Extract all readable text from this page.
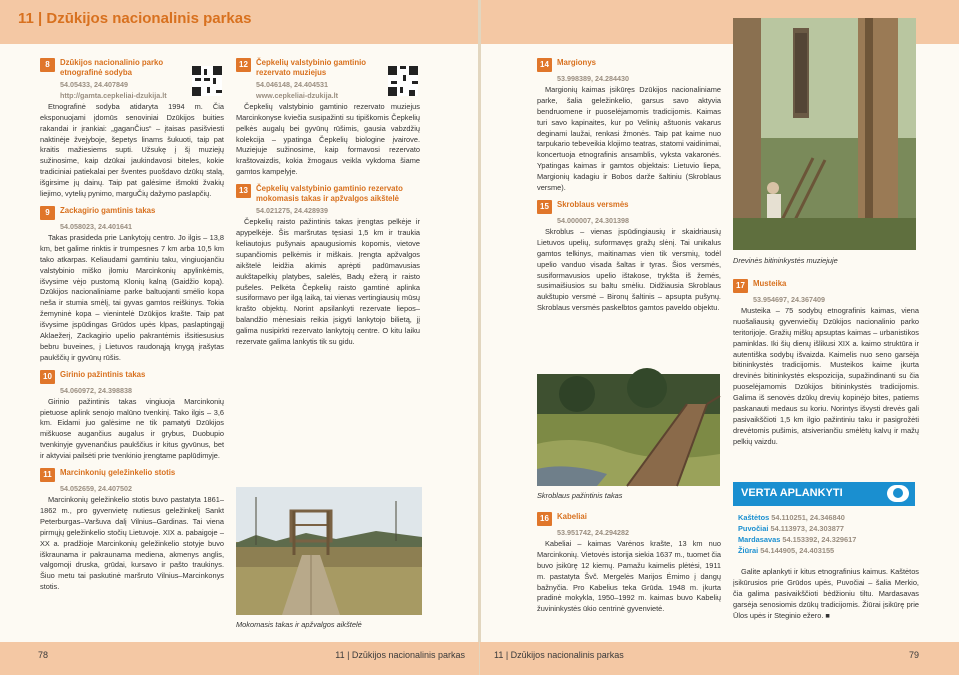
11 | Dzūkijos nacionalinis parkas
8	Dzūkijos nacionalinio parko etnografinė sodyba
54.05433, 24.407849
http://gamta.cepkeliai-dzukija.lt
Etnografinė sodyba atidaryta 1994 m. Čia eksponuojami įdomūs senoviniai Dzūkijos buities rakandai ir įrankiai: „gaganČius“ – įtaisas pasišviesti naktinėje žvejyboje, šepetys linams šukuoti, taip pat kraitis mažiesiems supti. Užsukę į šį muziejų sužinosime, kaip dzūkai jaukindavosi biteles, kokie tradiciniai patiekalai per šventes puošdavo dzūkų stalą, išgirsime jų dainų. Taip pat galėsime išmokti žvakių liejimo, vytelių pynimo, marguČių dažymo paslapčių.
9	Zackagirio gamtinis takas
54.058023, 24.401641
Takas prasideda prie Lankytojų centro. Jo ilgis – 13,8 km, bet galime rinktis ir trumpesnes 7 km arba 10,5 km tako atkarpas. Keliaudami gamtiniu taku, vingiuojančiu valstybinio miško įlomiu Marcinkonių apylinkėmis, išvysime vėjo pustomą Klonių kalną (Gaidžio kopą). Dzūkijos nacionaliniame parke baltuojanti smėlio kopa neša ir stumia smėlį, tai gyvas gamtos reiškinys. Tokia žemyninė kopa – vienintelė Dzūkijos krašte. Taip pat išvysime įspūdingas Grūdos upės klpas, paslaptingąjį Aklaežerį, Zackagirio upelio pakrantėmis išsitiesusius bebru buveines, į Lietuvos raudonąją knygą įrašytas paukščių ir gyvūnų rūšis.
10	Girinio pažintinis takas
54.060972, 24.398838
Girinio pažintinis takas vingiuoja Marcinkonių pietuose aplink senojo malūno tvenkinį. Tako ilgis – 3,6 km. Eidami juo galėsime ne tik pamatyti Dzūkijos miškuose augančius augalus ir grybus, Duobupio tvenkinyje gyvenančius paukščius ir kitus gyvūnus, bet ir aktyviai pailsėti prie tvenkinio įrengtame paplūdimyje.
11	Marcinkonių geležinkelio stotis
54.052659, 24.407502
Marcinkonių geležinkelio stotis buvo pastatyta 1861–1862 m., pro gyvenvietę nutiesus geležinkelį Sankt Peterburgas–Varšuva dalį Vilnius–Gardinas. Tai viena pirmųjų geležinkelio stočių Lietuvoje. XIX a. pabaigoje – XX a. pradžioje Marcinkonių geležinkelio stotyje buvo iškraunama ir pakraunama mediena, akmenys anglis, valgomoji druska, grūdai, kursavo ir pašto traukinys. Šiuo metu tai paskutinė maršruto Vilnius–Marcinkonys stotis.
12	Čepkelių valstybinio gamtinio rezervato muziejus
54.046148, 24.404531
www.cepkeliai-dzukija.lt
Čepkelių valstybinio gamtinio rezervato muziejus Marcinkonyse kviečia susipažinti su tipiškomis Čepkelių pelkės augalų bei gyvūnų rūšimis, gausia vabzdžių kolekcija – ypatinga Čepkelių biologine įvairove. Muziejuje sužinosime, kaip formavosi rezervato kraštovaizdis, kokia žmogaus veikla vykdoma šiame gamtos kampelyje.
13	Čepkelių valstybinio gamtinio rezervato mokomasis takas ir apžvalgos aikštelė
54.021275, 24.428939
Čepkelių raisto pažintinis takas įrengtas pelkėje ir apypelkėje. Šis maršrutas tęsiasi 1,5 km ir traukia keliautojus pušynais apaugusiomis kopomis, vietove supančiomis pelkėmis ir miškais. Įrengta apžvalgos aikštelė leidžia akimis aprėpti padūmavusias aukštapelkių platybes, salelės, Badų ežerą ir raisto pušeles. Pelkėta Čepkelių raisto gamtinė aplinka susiformavo per ilgą laiką, tai vienas vertingiausių mūsų krašto objektų. Norint apsilankyti rezervate liepos–balandžio mėnesiais reikia įsigyti lankytojo bilietą, jį galima nusipirkti rezervato lankytojų centre. O kitu laiku rezervate galima lankytis tik su gidu.
Mokomasis takas ir apžvalgos aikštelė
14	Margionys
53.998389, 24.284430
Margionių kaimas įsikūręs Dzūkijos nacionaliniame parke, šalia geležinkelio, garsus savo aktyvia bendruomene ir puoselėjamomis tradicijomis. Kaimas turi savo kapinaites, kur po Velinių aštuonis vakarus deginami laužai, renkasi žmonės. Taip pat kaime nuo tarpukario tebeveikia klojimo teatras, statomi vaidinimai, koncertuoja etnografinis ansamblis, vyksta vakaronės. Ypatingas kaimas ir gamtos objektais: Lietuvio liepa, Margionių kadagiu ir Bobos darže šaltiniu (Skroblaus versme).
15	Skroblaus versmės
54.000007, 24.301398
Skroblus – vienas įspūdingiausių ir skaidriausių Lietuvos upelių, suformavęs gražų slėnį. Tai unikalus gamtos telkinys, maitinamas vien tik versmių, todėl upelio vanduo visada šaltas ir tyras. Šios versmės, susiformavusios upelio ištakose, trykšta iš žemės, susimaišiusios su baltu smėliu. Didžiausia Skroblaus aukštupio versmė – Bironų šaltinis – apsupta pušynų. Skroblaus versmės paskelbtos gamtos paveldo objektu.
Skroblaus pažintinis takas
16	Kabeliai
53.951742, 24.294282
Kabeliai – kaimas Varėnos krašte, 13 km nuo Marcinkonių. Vietovės istorija siekia 1637 m., tuomet čia buvo įsikūrę 12 kiemų. Pamažu kaimelis plėtėsi, 1911 m. pastatyta Švč. Mergelės Marijos Ėmimo į dangų bažnyčia. Pro Kabelius teka Grūda. 1948 m. įkurta pradinė mokykla, 1950–1992 m. kaimas buvo Kabelių žuvininkystės ūkio centrinė gyvenvietė.
Drevinės bitininkystės muziejuje
17	Musteika
53.954697, 24.367409
Musteika – 75 sodybų etnografinis kaimas, viena nuošaliausių gyvenviečių Dzūkijos nacionalinio parko teritorijoje. Gražių miškų apsuptas kaimas – urbanistikos paminklas. Iki šių dienų išlikusi XIX a. kaimo struktūra ir autentiška sodybų išvaizda. Kaimelis nuo seno garsėja bitininkystės tradicijomis. Musteikos kaime įkurta drevinės bitininkystės ekspozicija, supažindinanti su čia puoselėjamomis Dzūkijos bitininkystės tradicijomis. Galima iš senovės dzūkų drevių kopinėjo bites, patiems paskanauti medaus su koriu. Norintys išvysti drevės gali pasivaikščioti 1,5 km ilgio pažintiniu taku ir pasigrožėti drevėtomis pušimis, atsiveriančiu smėlėtų kalvų ir mažų pelkių vaizdu.
VERTA APLANKYTI
Kaštėtos 54.110251, 24.346840
Puvočiai 54.113973, 24.303877
Mardasavas 54.153392, 24.329617
Žiūrai 54.144905, 24.403155
Galite aplankyti ir kitus etnografinius kaimus. Kaštėtos įsikūrusios prie Grūdos upės, Puvočiai – šalia Merkio, čia galima pasivaikščioti bėdžioniu tiltu. Mardasavas garsėja senosiomis dzūkų tradicijomis. Žiūrai įsikūrę prie Ūlos upės ir Steginio ežero. ■
78	11 | Dzūkijos nacionalinis parkas	11 | Dzūkijos nacionalinis parkas	79
